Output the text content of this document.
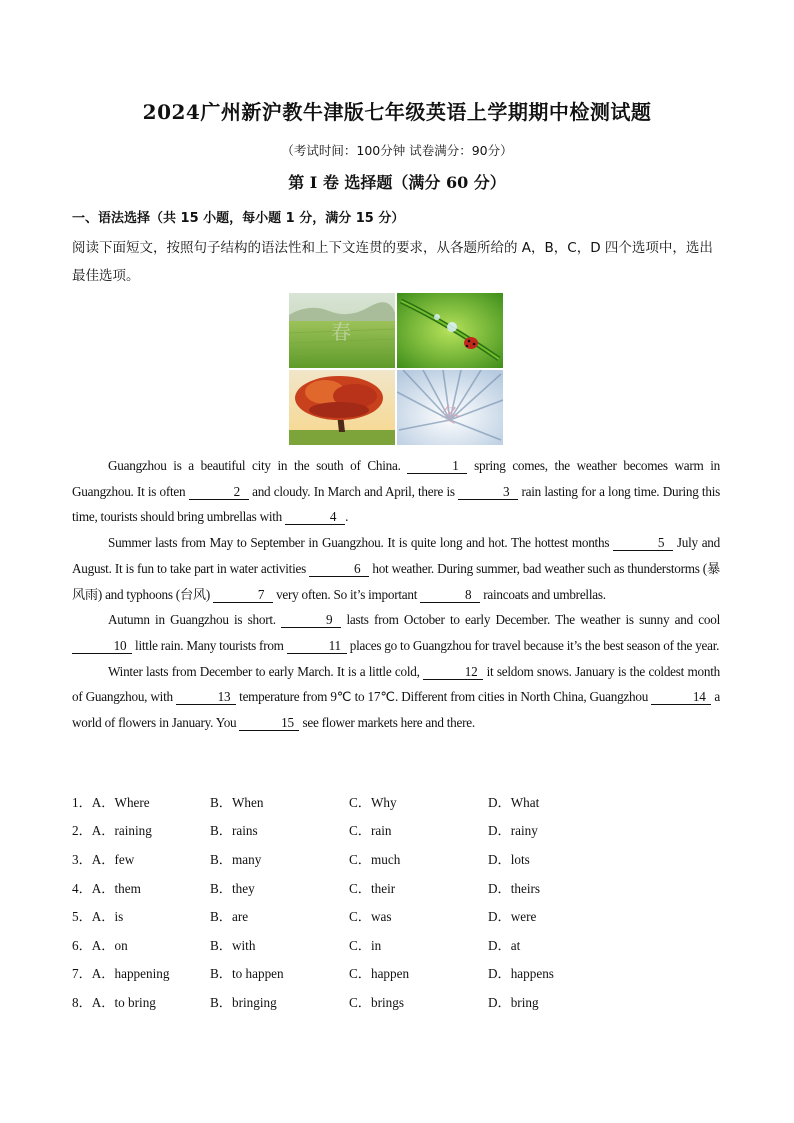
2024广州新沪教牛津版七年级英语上学期期中检测试题
（考试时间：100分钟 试卷满分：90分）
第 I 卷 选择题（满分 60 分）
一、语法选择（共 15 小题，每小题 1 分，满分 15 分）
阅读下面短文，按照句子结构的语法性和上下文连贯的要求，从各题所给的 A，B，C，D 四个选项中，选出最佳选项。
春
冬

Guangzhou is a beautiful city in the south of China.	1 spring comes, the weather becomes warm in Guangzhou. It is often	2 and cloudy. In March and April, there is	3 rain lasting for a long time. During this time, tourists should bring umbrellas with	4 .

Summer lasts from May to September in Guangzhou. It is quite long and hot. The hottest months	5 July and August. It is fun to take part in water activities	6 hot weather. During summer, bad weather such as thunderstorms (暴风雨) and typhoons (台风)	7 very often. So it’s important	8 raincoats and umbrellas.

Autumn in Guangzhou is short.	9 lasts from October to early December. The weather is sunny and cool 10 little rain. Many tourists from	11 places go to Guangzhou for travel because it’s the best season of the year.

Winter lasts from December to early March. It is a little cold,	12 it seldom snows. January is the coldest month of Guangzhou, with	13 temperature from 9℃ to 17℃. Different from cities in North China, Guangzhou	14 a world of flowers in January. You	15 see flower markets here and there.

1．A．Where	B．When	C．Why	D．What
2．A．raining	B．rains	C．rain	D．rainy
3．A．few	B．many	C．much	D．lots
4．A．them	B．they	C．their	D．theirs
5．A．is	B．are	C．was	D．were
6．A．on	B．with	C．in	D．at
7．A．happening	B．to happen	C．happen	D．happens
8．A．to bring	B．bringing	C．brings	D．bring
